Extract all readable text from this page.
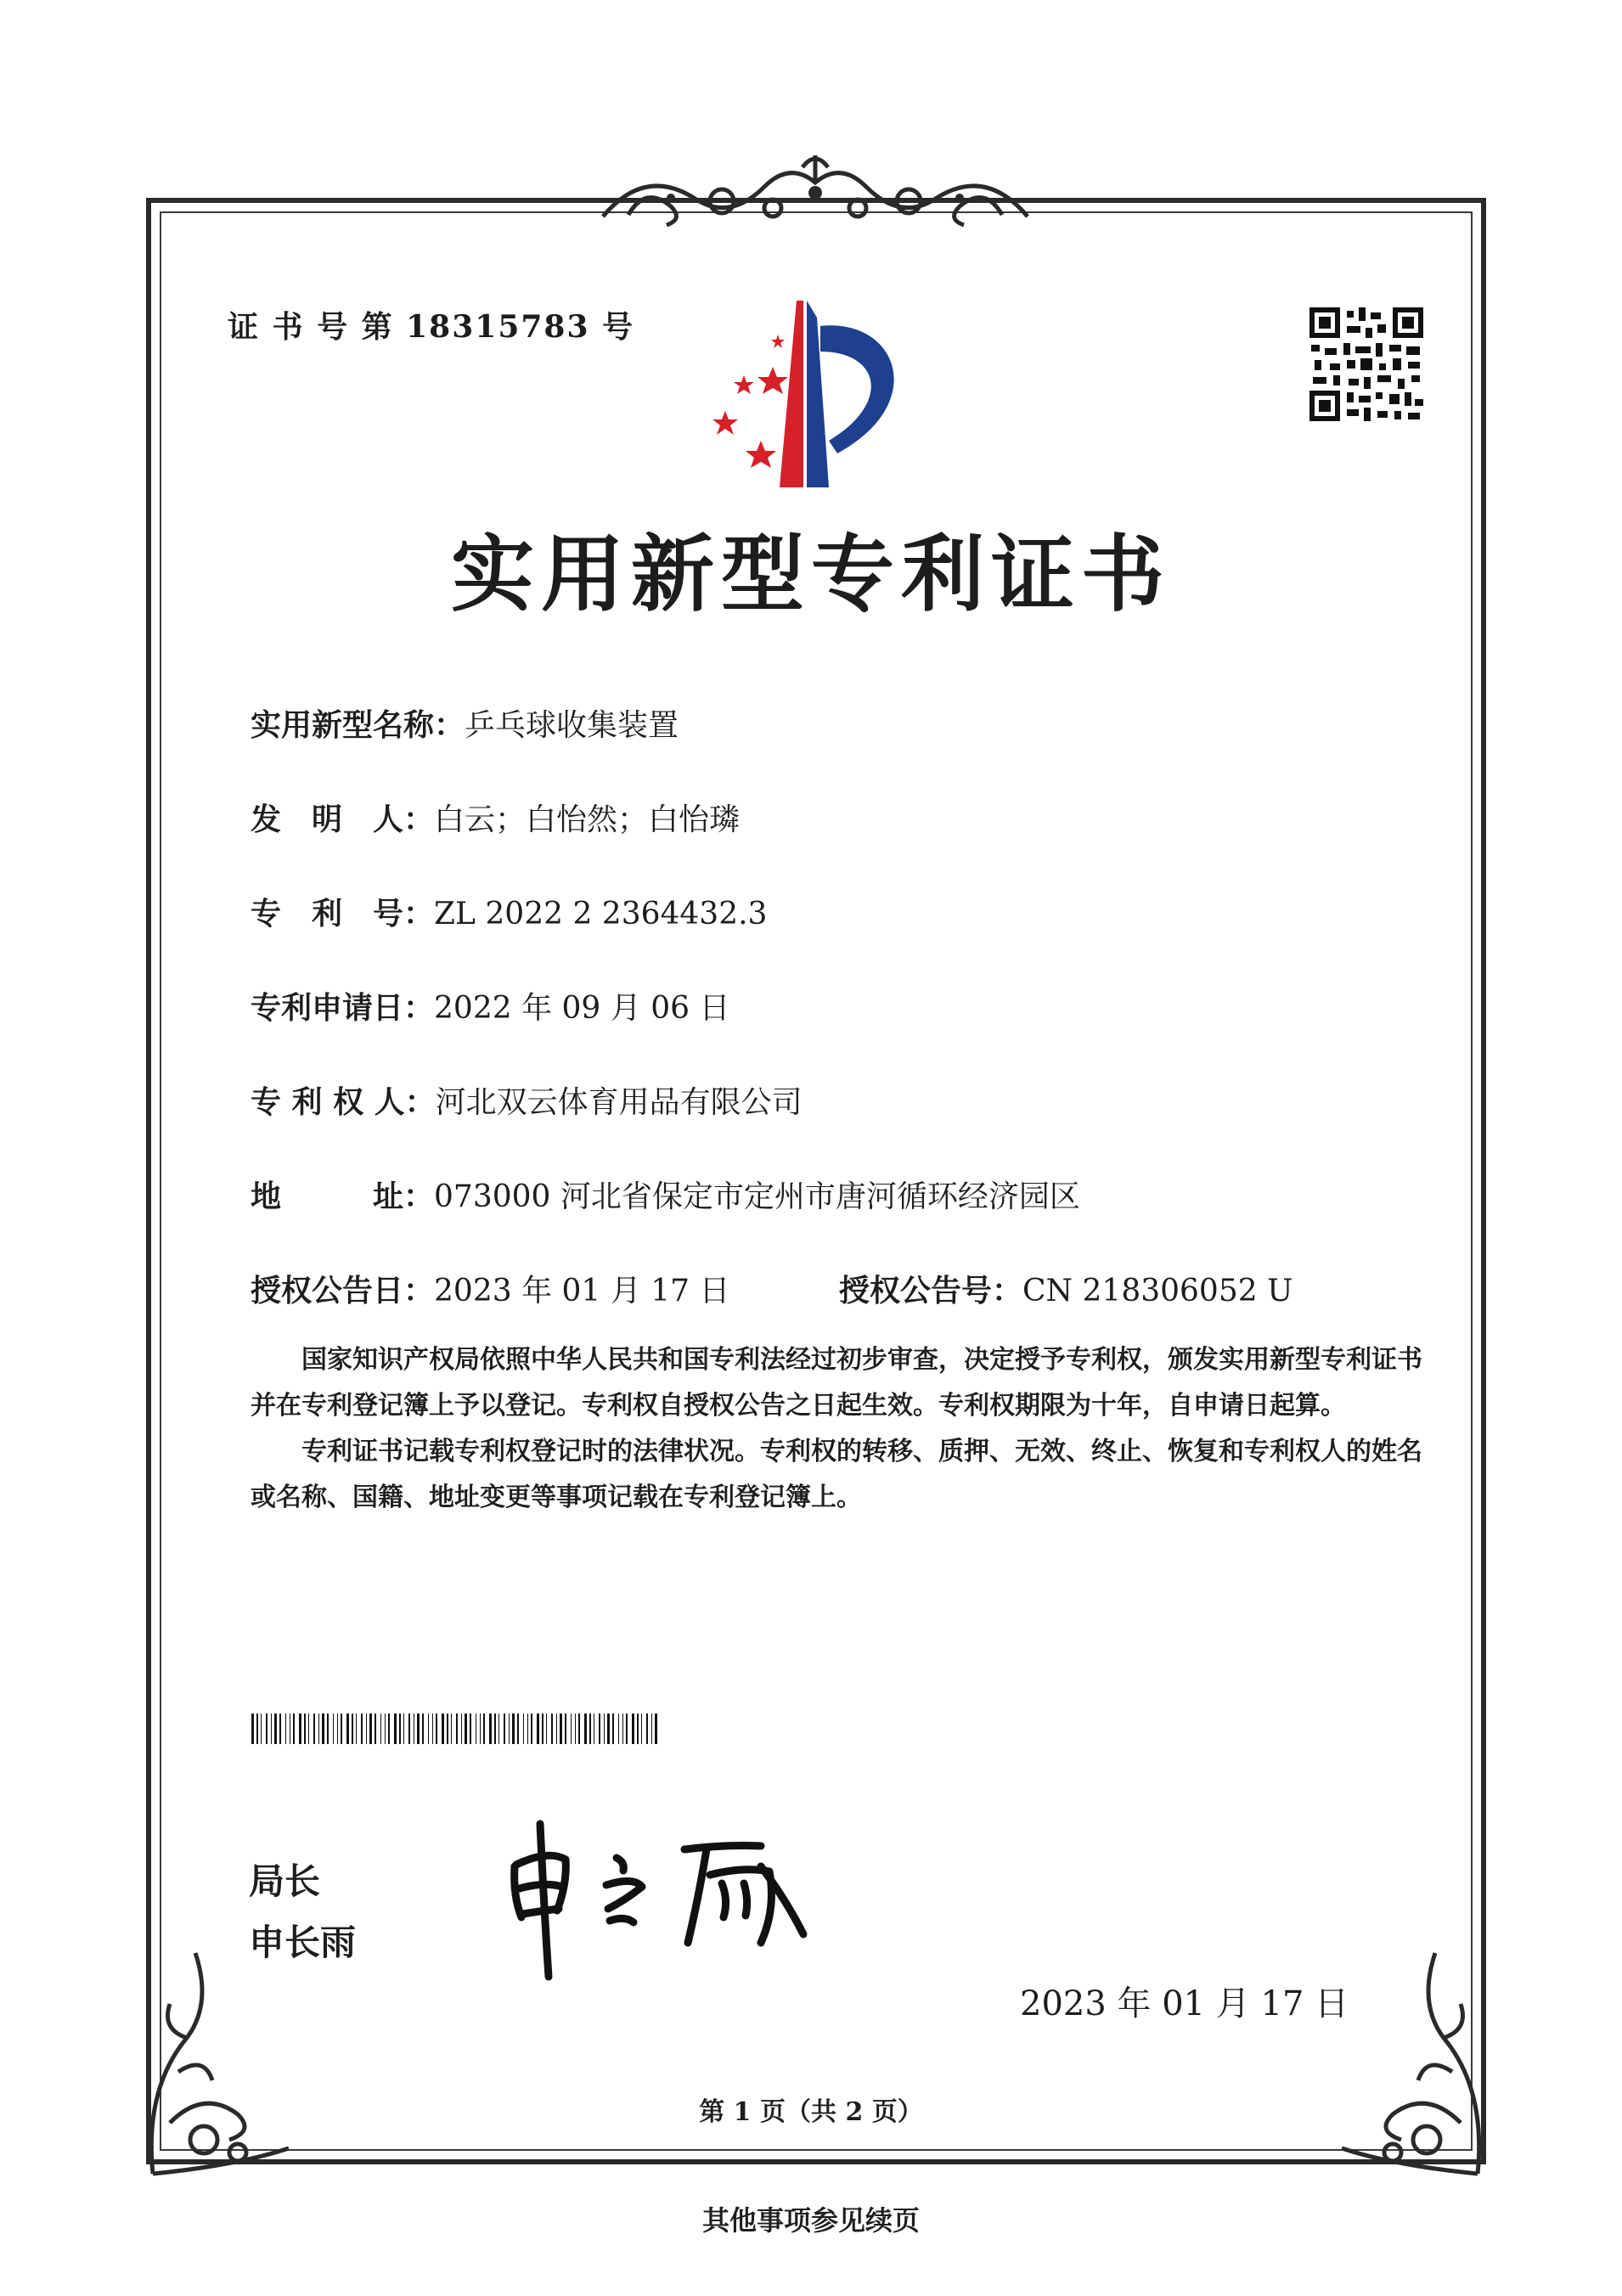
证 书 号 第 18315783 号
实用新型专利证书
实用新型名称：乒乓球收集装置
发　明　人：白云；白怡然；白怡璘
专　利　号：ZL 2022 2 2364432.3
专利申请日：2022 年 09 月 06 日
专 利 权 人：河北双云体育用品有限公司
地　　　址：073000 河北省保定市定州市唐河循环经济园区
授权公告日：2023 年 01 月 17 日	授权公告号：CN 218306052 U

国家知识产权局依照中华人民共和国专利法经过初步审查，决定授予专利权，颁发实用新型专利证书并在专利登记簿上予以登记。专利权自授权公告之日起生效。专利权期限为十年，自申请日起算。

专利证书记载专利权登记时的法律状况。专利权的转移、质押、无效、终止、恢复和专利权人的姓名或名称、国籍、地址变更等事项记载在专利登记簿上。

局长
申长雨
2023 年 01 月 17 日
第 1 页（共 2 页）
其他事项参见续页
